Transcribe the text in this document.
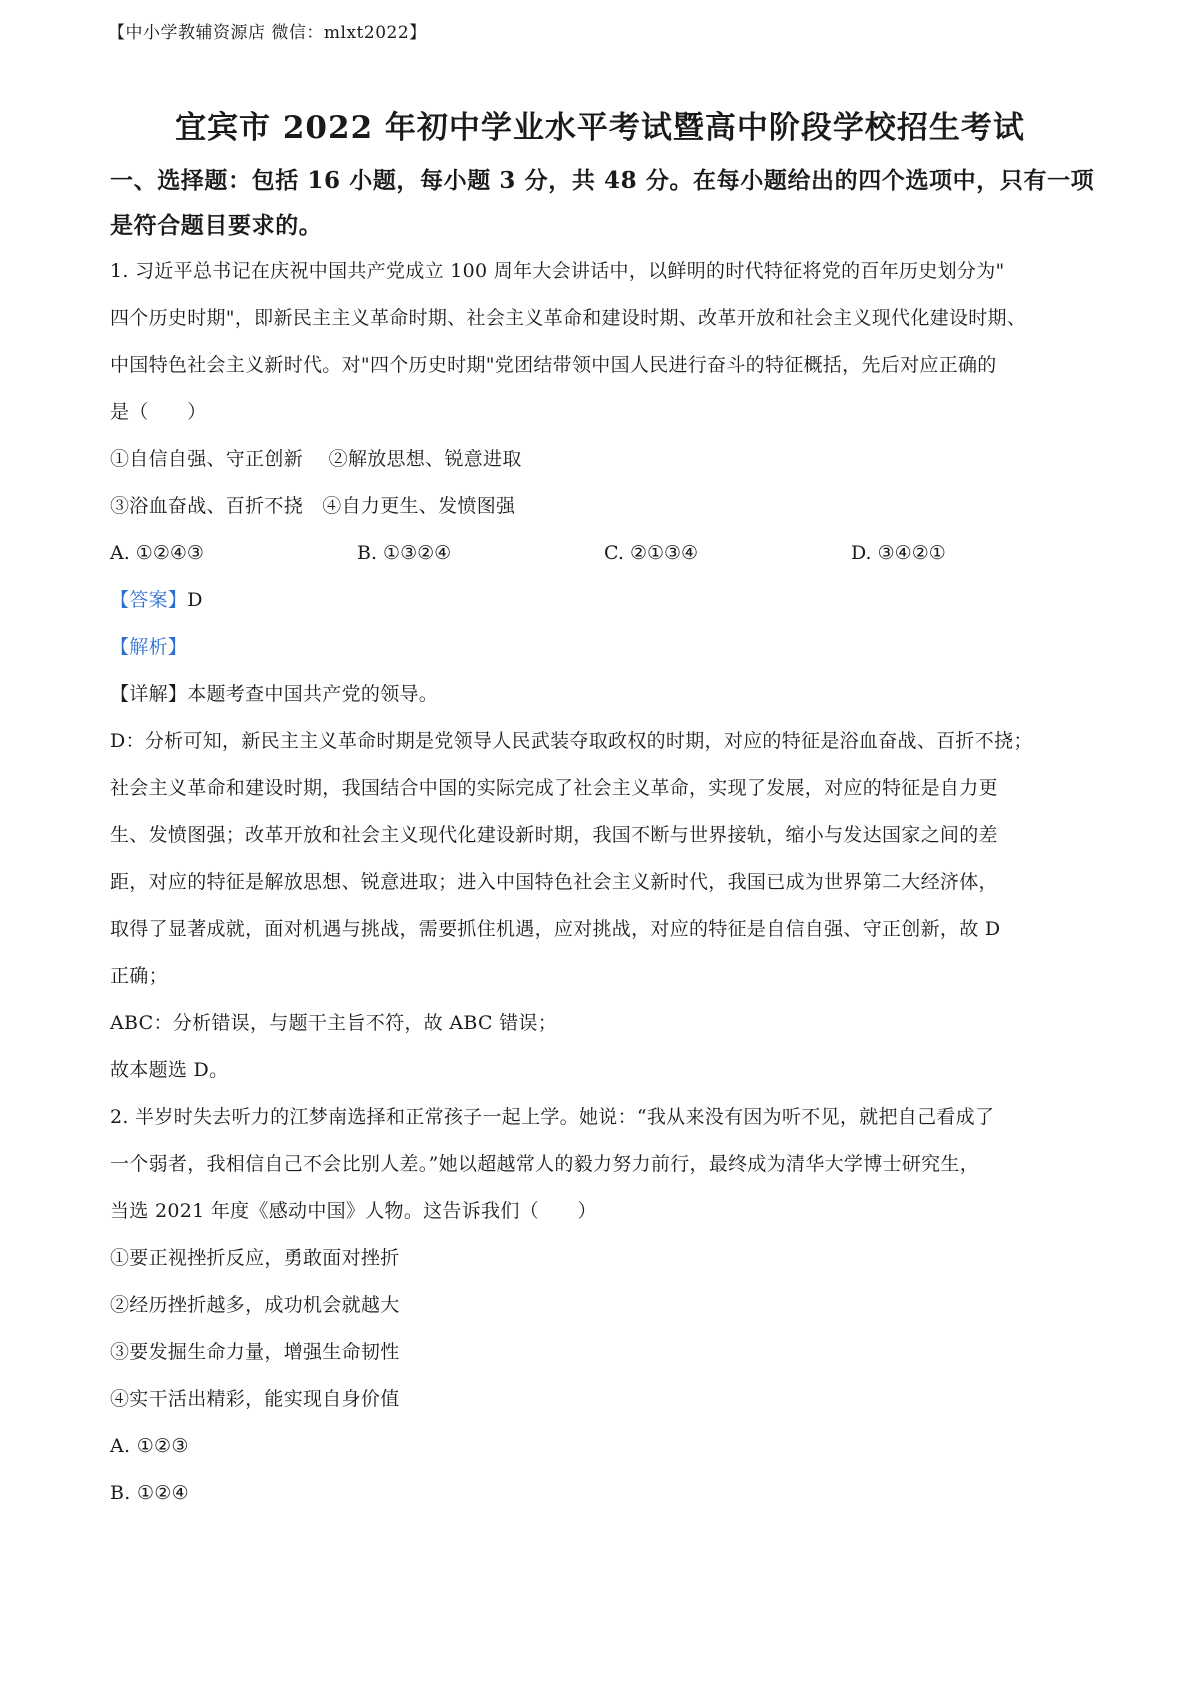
【中小学教辅资源店 微信：mlxt2022】
宜宾市 2022 年初中学业水平考试暨高中阶段学校招生考试
一、选择题：包括 16 小题，每小题 3 分，共 48 分。在每小题给出的四个选项中，只有一项
是符合题目要求的。

1. 习近平总书记在庆祝中国共产党成立 100 周年大会讲话中，以鲜明的时代特征将党的百年历史划分为"

四个历史时期"，即新民主主义革命时期、社会主义革命和建设时期、改革开放和社会主义现代化建设时期、

中国特色社会主义新时代。对"四个历史时期"党团结带领中国人民进行奋斗的特征概括，先后对应正确的

是（　　）

①自信自强、守正创新　 ②解放思想、锐意进取

③浴血奋战、百折不挠　④自力更生、发愤图强

A. ①②④③	B. ①③②④	C. ②①③④	D. ③④②①

【答案】D

【解析】

【详解】本题考查中国共产党的领导。

D：分析可知，新民主主义革命时期是党领导人民武装夺取政权的时期，对应的特征是浴血奋战、百折不挠；

社会主义革命和建设时期，我国结合中国的实际完成了社会主义革命，实现了发展，对应的特征是自力更

生、发愤图强；改革开放和社会主义现代化建设新时期，我国不断与世界接轨，缩小与发达国家之间的差

距，对应的特征是解放思想、锐意进取；进入中国特色社会主义新时代，我国已成为世界第二大经济体，

取得了显著成就，面对机遇与挑战，需要抓住机遇，应对挑战，对应的特征是自信自强、守正创新，故 D

正确；

ABC：分析错误，与题干主旨不符，故 ABC 错误；

故本题选 D。

2. 半岁时失去听力的江梦南选择和正常孩子一起上学。她说：“我从来没有因为听不见，就把自己看成了

一个弱者，我相信自己不会比别人差。”她以超越常人的毅力努力前行，最终成为清华大学博士研究生，

当选 2021 年度《感动中国》人物。这告诉我们（　　）

①要正视挫折反应，勇敢面对挫折

②经历挫折越多，成功机会就越大

③要发掘生命力量，增强生命韧性

④实干活出精彩，能实现自身价值

A. ①②③

B. ①②④
